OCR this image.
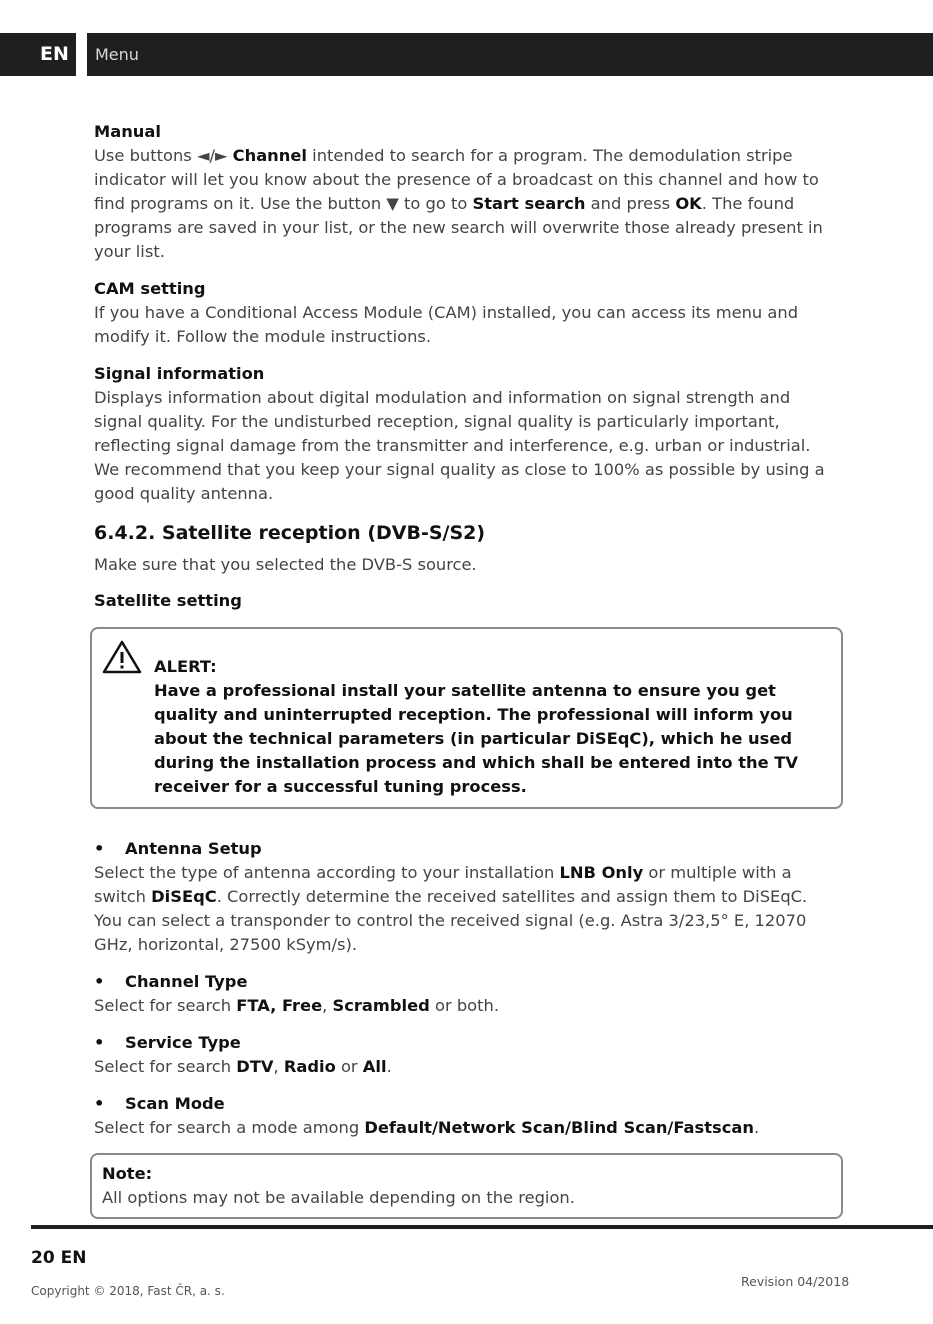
EN	Menu

Manual

Use buttons ◄/► Channel intended to search for a program. The demodulation stripe indicator will let you know about the presence of a broadcast on this channel and how to find programs on it. Use the button ▼ to go to Start search and press OK. The found programs are saved in your list, or the new search will overwrite those already present in your list.

CAM setting

If you have a Conditional Access Module (CAM) installed, you can access its menu and modify it. Follow the module instructions.

Signal information

Displays information about digital modulation and information on signal strength and signal quality. For the undisturbed reception, signal quality is particularly important, reflecting signal damage from the transmitter and interference, e.g. urban or industrial. We recommend that you keep your signal quality as close to 100% as possible by using a good quality antenna.

6.4.2. Satellite reception (DVB-S/S2)

Make sure that you selected the DVB-S source.

Satellite setting

ALERT:

Have a professional install your satellite antenna to ensure you get quality and uninterrupted reception. The professional will inform you about the technical parameters (in particular DiSEqC), which he used during the installation process and which shall be entered into the TV receiver for a successful tuning process.

•	Antenna Setup

Select the type of antenna according to your installation LNB Only or multiple with a switch DiSEqC. Correctly determine the received satellites and assign them to DiSEqC. You can select a transponder to control the received signal (e.g. Astra 3/23,5° E, 12070 GHz, horizontal, 27500 kSym/s).

•	Channel Type

Select for search FTA, Free, Scrambled or both.

•	Service Type

Select for search DTV, Radio or All.

•	Scan Mode

Select for search a mode among Default/Network Scan/Blind Scan/Fastscan.

Note:

All options may not be available depending on the region.

20 EN
Copyright © 2018, Fast ČR, a. s.
Revision 04/2018
